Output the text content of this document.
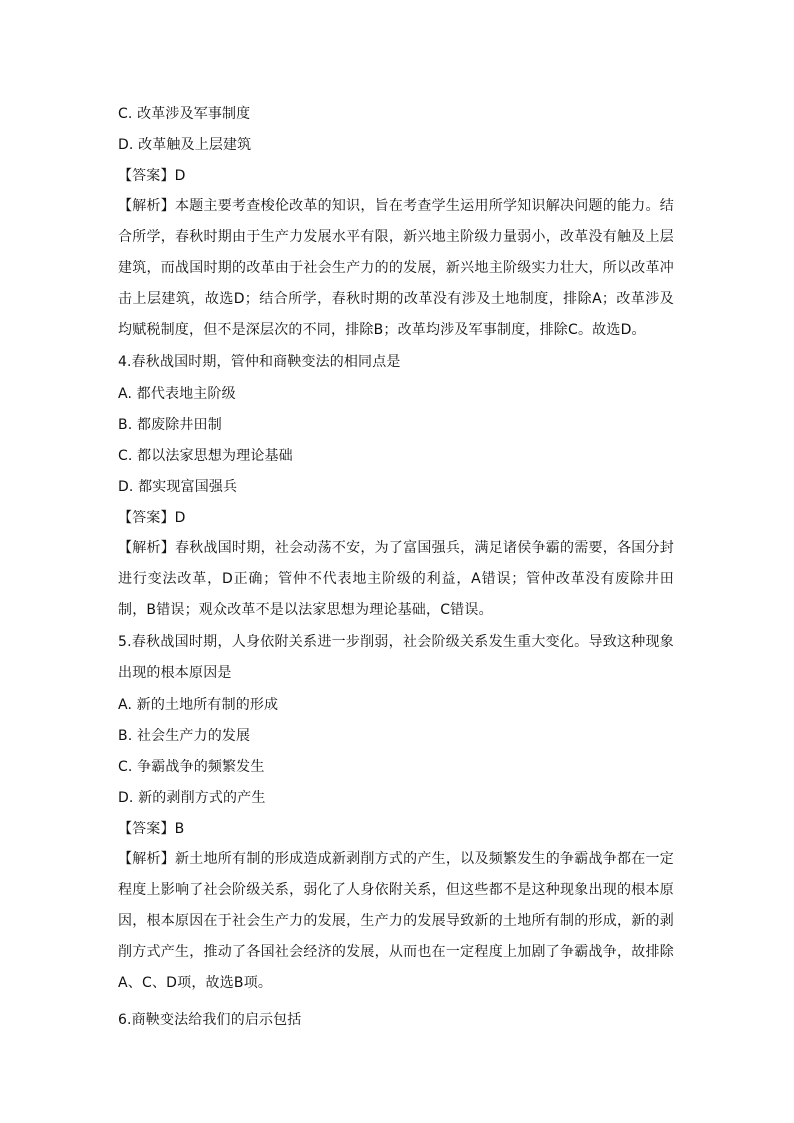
C. 改革涉及军事制度
D. 改革触及上层建筑
【答案】D
【解析】本题主要考查梭伦改革的知识，旨在考查学生运用所学知识解决问题的能力。结合所学，春秋时期由于生产力发展水平有限，新兴地主阶级力量弱小，改革没有触及上层建筑，而战国时期的改革由于社会生产力的的发展，新兴地主阶级实力壮大，所以改革冲击上层建筑，故选D；结合所学，春秋时期的改革没有涉及土地制度，排除A；改革涉及均赋税制度，但不是深层次的不同，排除B；改革均涉及军事制度，排除C。故选D。
4.春秋战国时期，管仲和商鞅变法的相同点是
A. 都代表地主阶级
B. 都废除井田制
C. 都以法家思想为理论基础
D. 都实现富国强兵
【答案】D
【解析】春秋战国时期，社会动荡不安，为了富国强兵，满足诸侯争霸的需要，各国分封进行变法改革，D正确；管仲不代表地主阶级的利益，A错误；管仲改革没有废除井田制，B错误；观众改革不是以法家思想为理论基础，C错误。
5.春秋战国时期，人身依附关系进一步削弱，社会阶级关系发生重大变化。导致这种现象出现的根本原因是
A. 新的土地所有制的形成
B. 社会生产力的发展
C. 争霸战争的频繁发生
D. 新的剥削方式的产生
【答案】B
【解析】新土地所有制的形成造成新剥削方式的产生，以及频繁发生的争霸战争都在一定程度上影响了社会阶级关系，弱化了人身依附关系，但这些都不是这种现象出现的根本原因，根本原因在于社会生产力的发展，生产力的发展导致新的土地所有制的形成，新的剥削方式产生，推动了各国社会经济的发展，从而也在一定程度上加剧了争霸战争，故排除A、C、D项，故选B项。
6.商鞅变法给我们的启示包括
